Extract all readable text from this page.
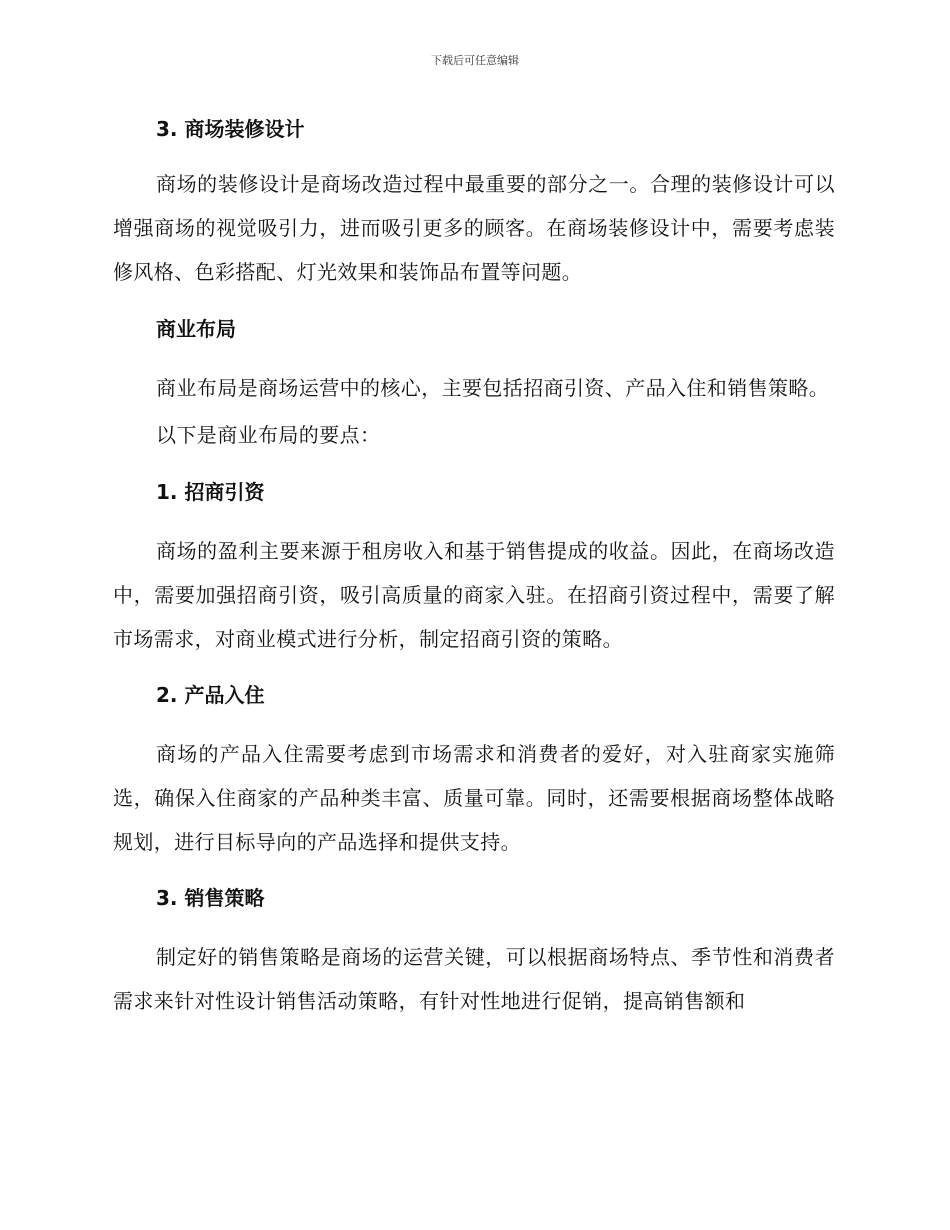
下载后可任意编辑
3. 商场装修设计

商场的装修设计是商场改造过程中最重要的部分之一。合理的装修设计可以增强商场的视觉吸引力，进而吸引更多的顾客。在商场装修设计中，需要考虑装修风格、色彩搭配、灯光效果和装饰品布置等问题。

商业布局

商业布局是商场运营中的核心，主要包括招商引资、产品入住和销售策略。

以下是商业布局的要点：

1. 招商引资

商场的盈利主要来源于租房收入和基于销售提成的收益。因此，在商场改造中，需要加强招商引资，吸引高质量的商家入驻。在招商引资过程中，需要了解市场需求，对商业模式进行分析，制定招商引资的策略。

2. 产品入住

商场的产品入住需要考虑到市场需求和消费者的爱好，对入驻商家实施筛选，确保入住商家的产品种类丰富、质量可靠。同时，还需要根据商场整体战略规划，进行目标导向的产品选择和提供支持。

3. 销售策略

制定好的销售策略是商场的运营关键，可以根据商场特点、季节性和消费者需求来针对性设计销售活动策略，有针对性地进行促销，提高销售额和
